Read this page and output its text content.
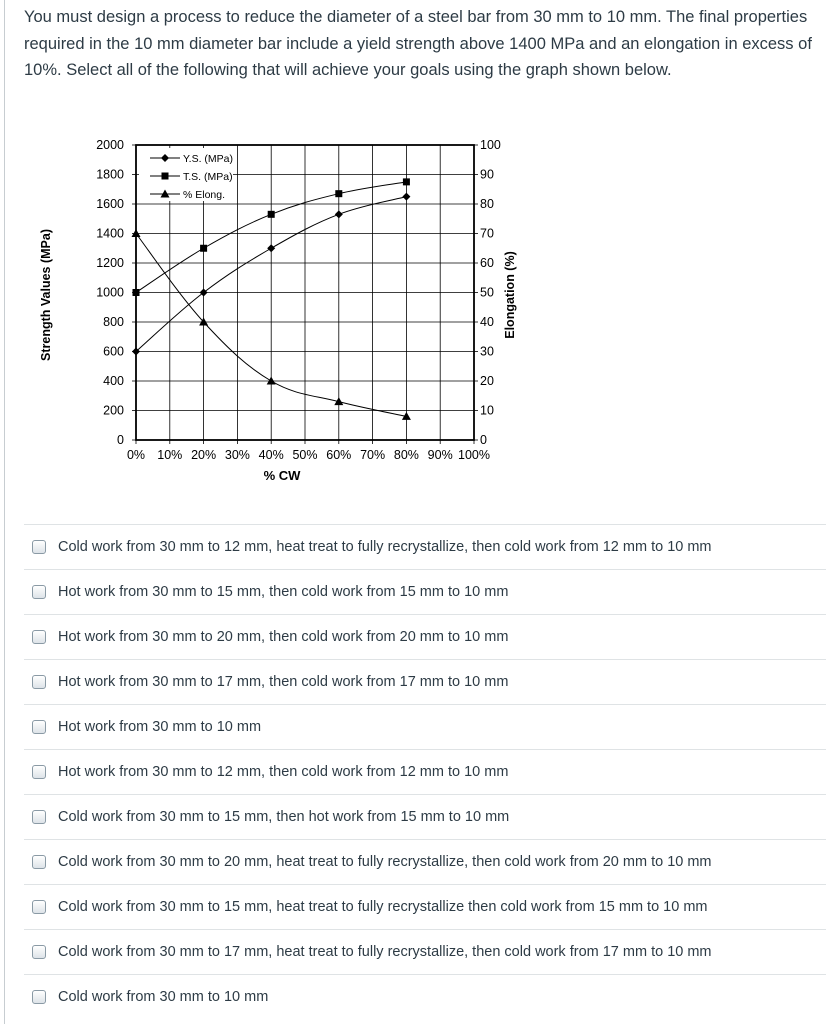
You must design a process to reduce the diameter of a steel bar from 30 mm to 10 mm. The final properties required in the 10 mm diameter bar include a yield strength above 1400 MPa and an elongation in excess of 10%. Select all of the following that will achieve your goals using the graph shown below.
0% 10% 20% 30% 40% 50% 60% 70% 80% 90% 100%
0
200
400
600
800
1000
1200
1400
1600
1800
2000
0
10
20
30
40
50
60
70
80
90
100
% CW
Strength Values (MPa)	Elongation (%)
Y.S. (MPa)
T.S. (MPa)
% Elong.
Cold work from 30 mm to 12 mm, heat treat to fully recrystallize, then cold work from 12 mm to 10 mm
Hot work from 30 mm to 15 mm, then cold work from 15 mm to 10 mm
Hot work from 30 mm to 20 mm, then cold work from 20 mm to 10 mm
Hot work from 30 mm to 17 mm, then cold work from 17 mm to 10 mm
Hot work from 30 mm to 10 mm
Hot work from 30 mm to 12 mm, then cold work from 12 mm to 10 mm
Cold work from 30 mm to 15 mm, then hot work from 15 mm to 10 mm
Cold work from 30 mm to 20 mm, heat treat to fully recrystallize, then cold work from 20 mm to 10 mm
Cold work from 30 mm to 15 mm, heat treat to fully recrystallize then cold work from 15 mm to 10 mm
Cold work from 30 mm to 17 mm, heat treat to fully recrystallize, then cold work from 17 mm to 10 mm
Cold work from 30 mm to 10 mm
